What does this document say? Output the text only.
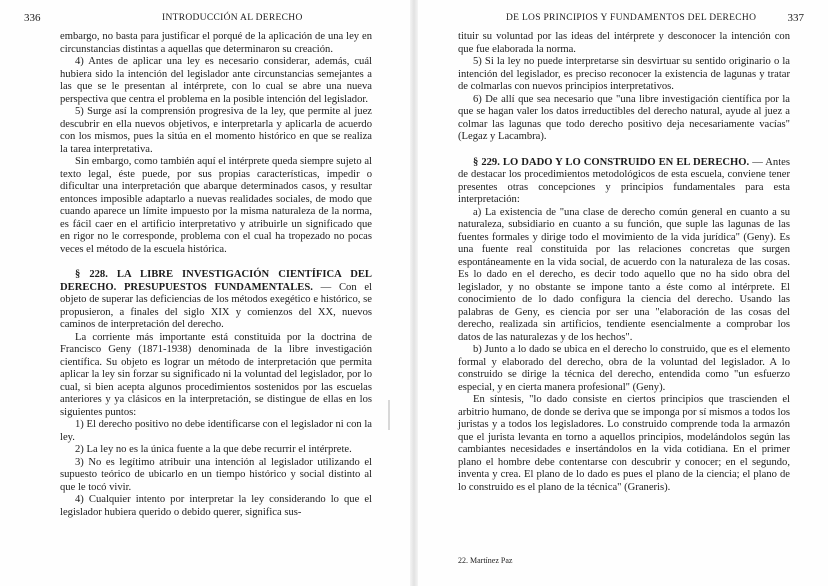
336	INTRODUCCIÓN AL DERECHO

embargo, no basta para justificar el porqué de la aplicación de una ley en circunstancias distintas a aquellas que determinaron su creación.

4) Antes de aplicar una ley es necesario considerar, además, cuál hubiera sido la intención del legislador ante circunstancias semejantes a las que se le presentan al intérprete, con lo cual se abre una nueva perspectiva que centra el problema en la posible intención del legislador.

5) Surge así la comprensión progresiva de la ley, que permite al juez descubrir en ella nuevos objetivos, e interpretarla y aplicarla de acuerdo con los mismos, pues la sitúa en el momento histórico en que se realiza la tarea interpretativa.

Sin embargo, como también aquí el intérprete queda siempre sujeto al texto legal, éste puede, por sus propias características, impedir o dificultar una interpretación que abarque determinados casos, y resultar entonces imposible adaptarlo a nuevas realidades sociales, de modo que cuando aparece un límite impuesto por la misma naturaleza de la norma, es fácil caer en el artificio interpretativo y atribuirle un significado que en rigor no le corresponde, problema con el cual ha tropezado no pocas veces el método de la escuela histórica.

§ 228. LA LIBRE INVESTIGACIÓN CIENTÍFICA DEL DERECHO. PRESUPUESTOS FUNDAMENTALES. — Con el objeto de superar las deficiencias de los métodos exegético e histórico, se propusieron, a finales del siglo XIX y comienzos del XX, nuevos caminos de interpretación del derecho.

La corriente más importante está constituida por la doctrina de Francisco Geny (1871-1938) denominada de la libre investigación científica. Su objeto es lograr un método de interpretación que permita aplicar la ley sin forzar su significado ni la voluntad del legislador, por lo cual, si bien acepta algunos procedimientos sostenidos por las escuelas anteriores y ya clásicos en la interpretación, se distingue de ellas en los siguientes puntos:

1) El derecho positivo no debe identificarse con el legislador ni con la ley.

2) La ley no es la única fuente a la que debe recurrir el intérprete.

3) No es legítimo atribuir una intención al legislador utilizando el supuesto teórico de ubicarlo en un tiempo histórico y social distinto al que le tocó vivir.

4) Cualquier intento por interpretar la ley considerando lo que el legislador hubiera querido o debido querer, significa sus-

DE LOS PRINCIPIOS Y FUNDAMENTOS DEL DERECHO	337

tituir su voluntad por las ideas del intérprete y desconocer la intención con que fue elaborada la norma.

5) Si la ley no puede interpretarse sin desvirtuar su sentido originario o la intención del legislador, es preciso reconocer la existencia de lagunas y tratar de colmarlas con nuevos principios interpretativos.

6) De allí que sea necesario que "una libre investigación científica por la que se hagan valer los datos irreductibles del derecho natural, ayude al juez a colmar las lagunas que todo derecho positivo deja necesariamente vacías" (Legaz y Lacambra).

§ 229. LO DADO Y LO CONSTRUIDO EN EL DERECHO. — Antes de destacar los procedimientos metodológicos de esta escuela, conviene tener presentes otras concepciones y principios fundamentales para esta interpretación:

a) La existencia de "una clase de derecho común general en cuanto a su naturaleza, subsidiario en cuanto a su función, que suple las lagunas de las fuentes formales y dirige todo el movimiento de la vida jurídica" (Geny). Es una fuente real constituida por las relaciones concretas que surgen espontáneamente en la vida social, de acuerdo con la naturaleza de las cosas. Es lo dado en el derecho, es decir todo aquello que no ha sido obra del legislador, y no obstante se impone tanto a éste como al intérprete. El conocimiento de lo dado configura la ciencia del derecho. Usando las palabras de Geny, es ciencia por ser una "elaboración de las cosas del derecho, realizada sin artificios, tendiente esencialmente a comprobar los datos de las naturalezas y de los hechos".

b) Junto a lo dado se ubica en el derecho lo construido, que es el elemento formal y elaborado del derecho, obra de la voluntad del legislador. A lo construido se dirige la técnica del derecho, entendida como "un esfuerzo especial, y en cierta manera profesional" (Geny).

En síntesis, "lo dado consiste en ciertos principios que trascienden el arbitrio humano, de donde se deriva que se imponga por sí mismos a todos los juristas y a todos los legisladores. Lo construido comprende toda la armazón que el jurista levanta en torno a aquellos principios, modelándolos según las cambiantes necesidades e insertándolos en la vida cotidiana. En el primer plano el hombre debe contentarse con descubrir y conocer; en el segundo, inventa y crea. El plano de lo dado es pues el plano de la ciencia; el plano de lo construido es el plano de la técnica" (Graneris).

22. Martínez Paz
